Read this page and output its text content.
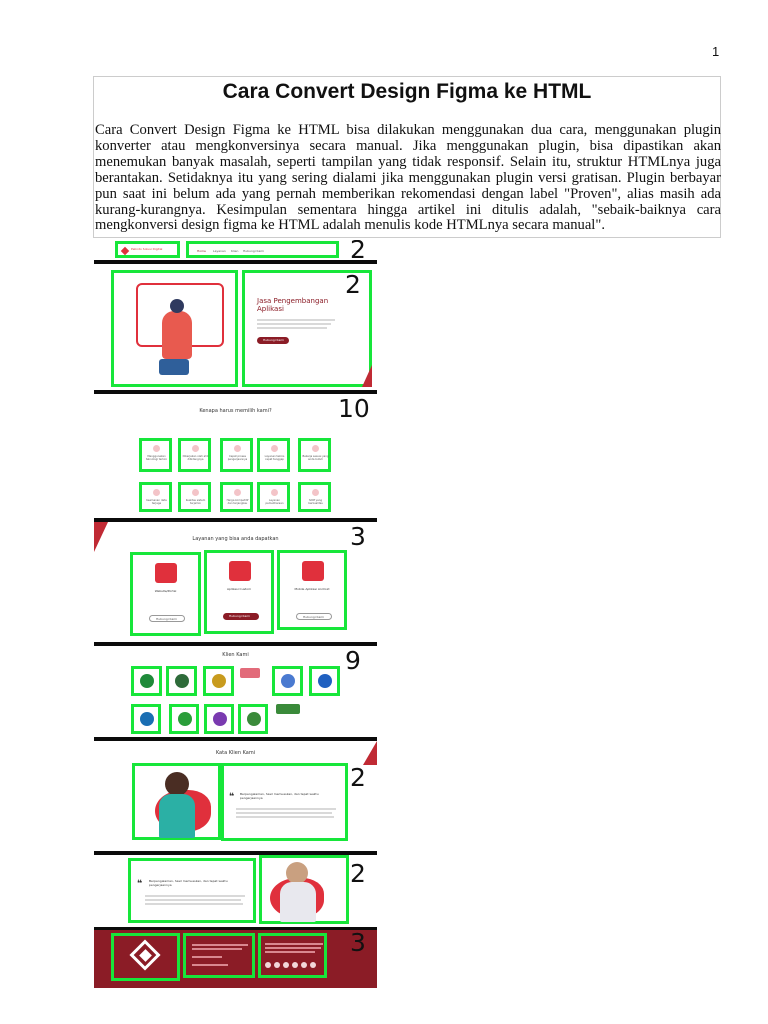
1
Cara Convert Design Figma ke HTML

Cara Convert Design Figma ke HTML bisa dilakukan menggunakan dua cara, menggunakan plugin konverter atau mengkonversinya secara manual. Jika menggunakan plugin, bisa dipastikan akan menemukan banyak masalah, seperti tampilan yang tidak responsif. Selain itu, struktur HTMLnya juga berantakan. Setidaknya itu yang sering dialami jika menggunakan plugin versi gratisan. Plugin berbayar pun saat ini belum ada yang pernah memberikan rekomendasi dengan label "Proven", alias masih ada kurang-kurangnya. Kesimpulan sementara hingga artikel ini ditulis adalah, "sebaik-baiknya cara mengkonversi design figma ke HTML adalah menulis kode HTMLnya secara manual".

Pelindo Solusi Digital	Home Layanan Klien Hubungi Kami	2
Jasa Pengembangan Aplikasi
Hubungi Kami
2
Kenapa harus memilih kami?	10
Menggunakan teknologi terkini
Dikerjakan oleh ahli dibidangnya
Cepat proses pengerjaannya
Layanan teknis cepat tanggap
Bekerja sesuai yang anda butuh
Keamanan data terjaga
Kualitas sistem terjamin
Harga kompetitif dan terjangkau
Layanan pemeliharaan
SDM yang berkualitas
Layanan yang bisa anda dapatkan	3
Website/Portal
Hubungi Kami
Aplikasi Custom
Hubungi Kami
Mobile Aplikasi Android
Hubungi Kami
Klien Kami	9
Kata Klien Kami
❝ Berpengalaman, hasil memuaskan, dan tepat waktu pengerjaannya
2
❝ Berpengalaman, hasil memuaskan, dan tepat waktu pengerjaannya	2
3
